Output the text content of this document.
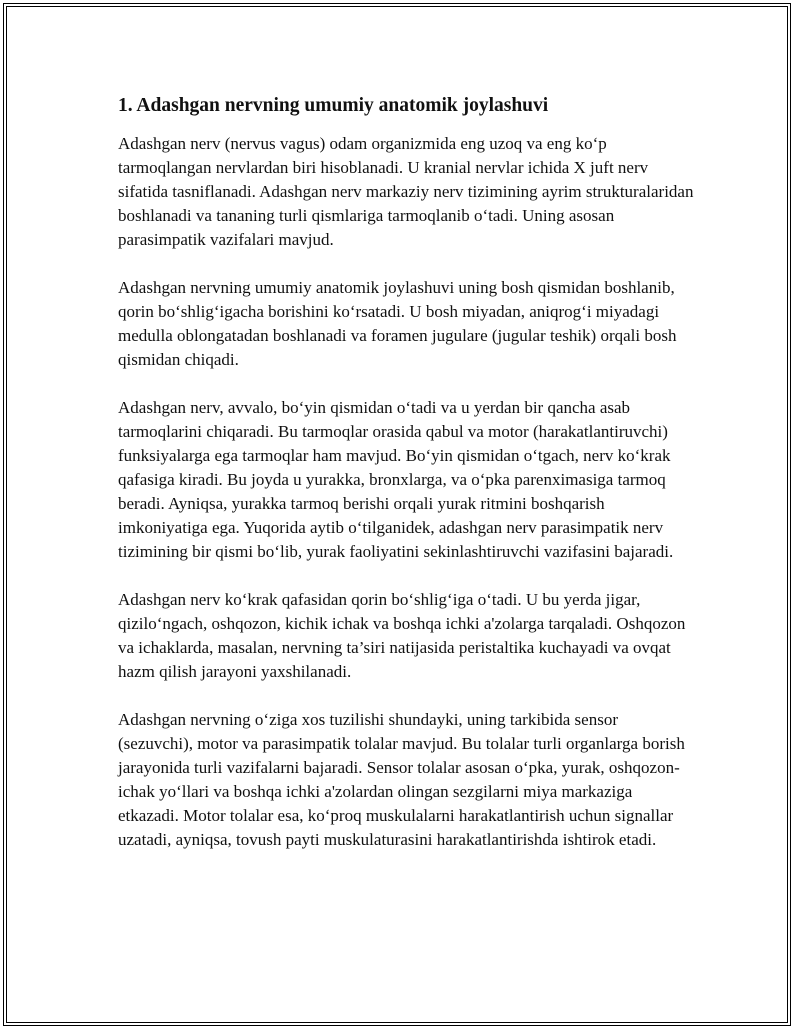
1. Adashgan nervning umumiy anatomik joylashuvi

Adashgan nerv (nervus vagus) odam organizmida eng uzoq va eng ko‘p tarmoqlangan nervlardan biri hisoblanadi. U kranial nervlar ichida X juft nerv sifatida tasniflanadi. Adashgan nerv markaziy nerv tizimining ayrim strukturalaridan boshlanadi va tananing turli qismlariga tarmoqlanib o‘tadi. Uning asosan parasimpatik vazifalari mavjud.

Adashgan nervning umumiy anatomik joylashuvi uning bosh qismidan boshlanib, qorin bo‘shlig‘igacha borishini ko‘rsatadi. U bosh miyadan, aniqrog‘i miyadagi medulla oblongatadan boshlanadi va foramen jugulare (jugular teshik) orqali bosh qismidan chiqadi.

Adashgan nerv, avvalo, bo‘yin qismidan o‘tadi va u yerdan bir qancha asab tarmoqlarini chiqaradi. Bu tarmoqlar orasida qabul va motor (harakatlantiruvchi) funksiyalarga ega tarmoqlar ham mavjud. Bo‘yin qismidan o‘tgach, nerv ko‘krak qafasiga kiradi. Bu joyda u yurakka, bronxlarga, va o‘pka parenximasiga tarmoq beradi. Ayniqsa, yurakka tarmoq berishi orqali yurak ritmini boshqarish imkoniyatiga ega. Yuqorida aytib o‘tilganidek, adashgan nerv parasimpatik nerv tizimining bir qismi bo‘lib, yurak faoliyatini sekinlashtiruvchi vazifasini bajaradi.

Adashgan nerv ko‘krak qafasidan qorin bo‘shlig‘iga o‘tadi. U bu yerda jigar, qizilo‘ngach, oshqozon, kichik ichak va boshqa ichki a'zolarga tarqaladi. Oshqozon va ichaklarda, masalan, nervning ta’siri natijasida peristaltika kuchayadi va ovqat hazm qilish jarayoni yaxshilanadi.

Adashgan nervning o‘ziga xos tuzilishi shundayki, uning tarkibida sensor (sezuvchi), motor va parasimpatik tolalar mavjud. Bu tolalar turli organlarga borish jarayonida turli vazifalarni bajaradi. Sensor tolalar asosan o‘pka, yurak, oshqozon-ichak yo‘llari va boshqa ichki a'zolardan olingan sezgilarni miya markaziga etkazadi. Motor tolalar esa, ko‘proq muskulalarni harakatlantirish uchun signallar uzatadi, ayniqsa, tovush payti muskulaturasini harakatlantirishda ishtirok etadi.
